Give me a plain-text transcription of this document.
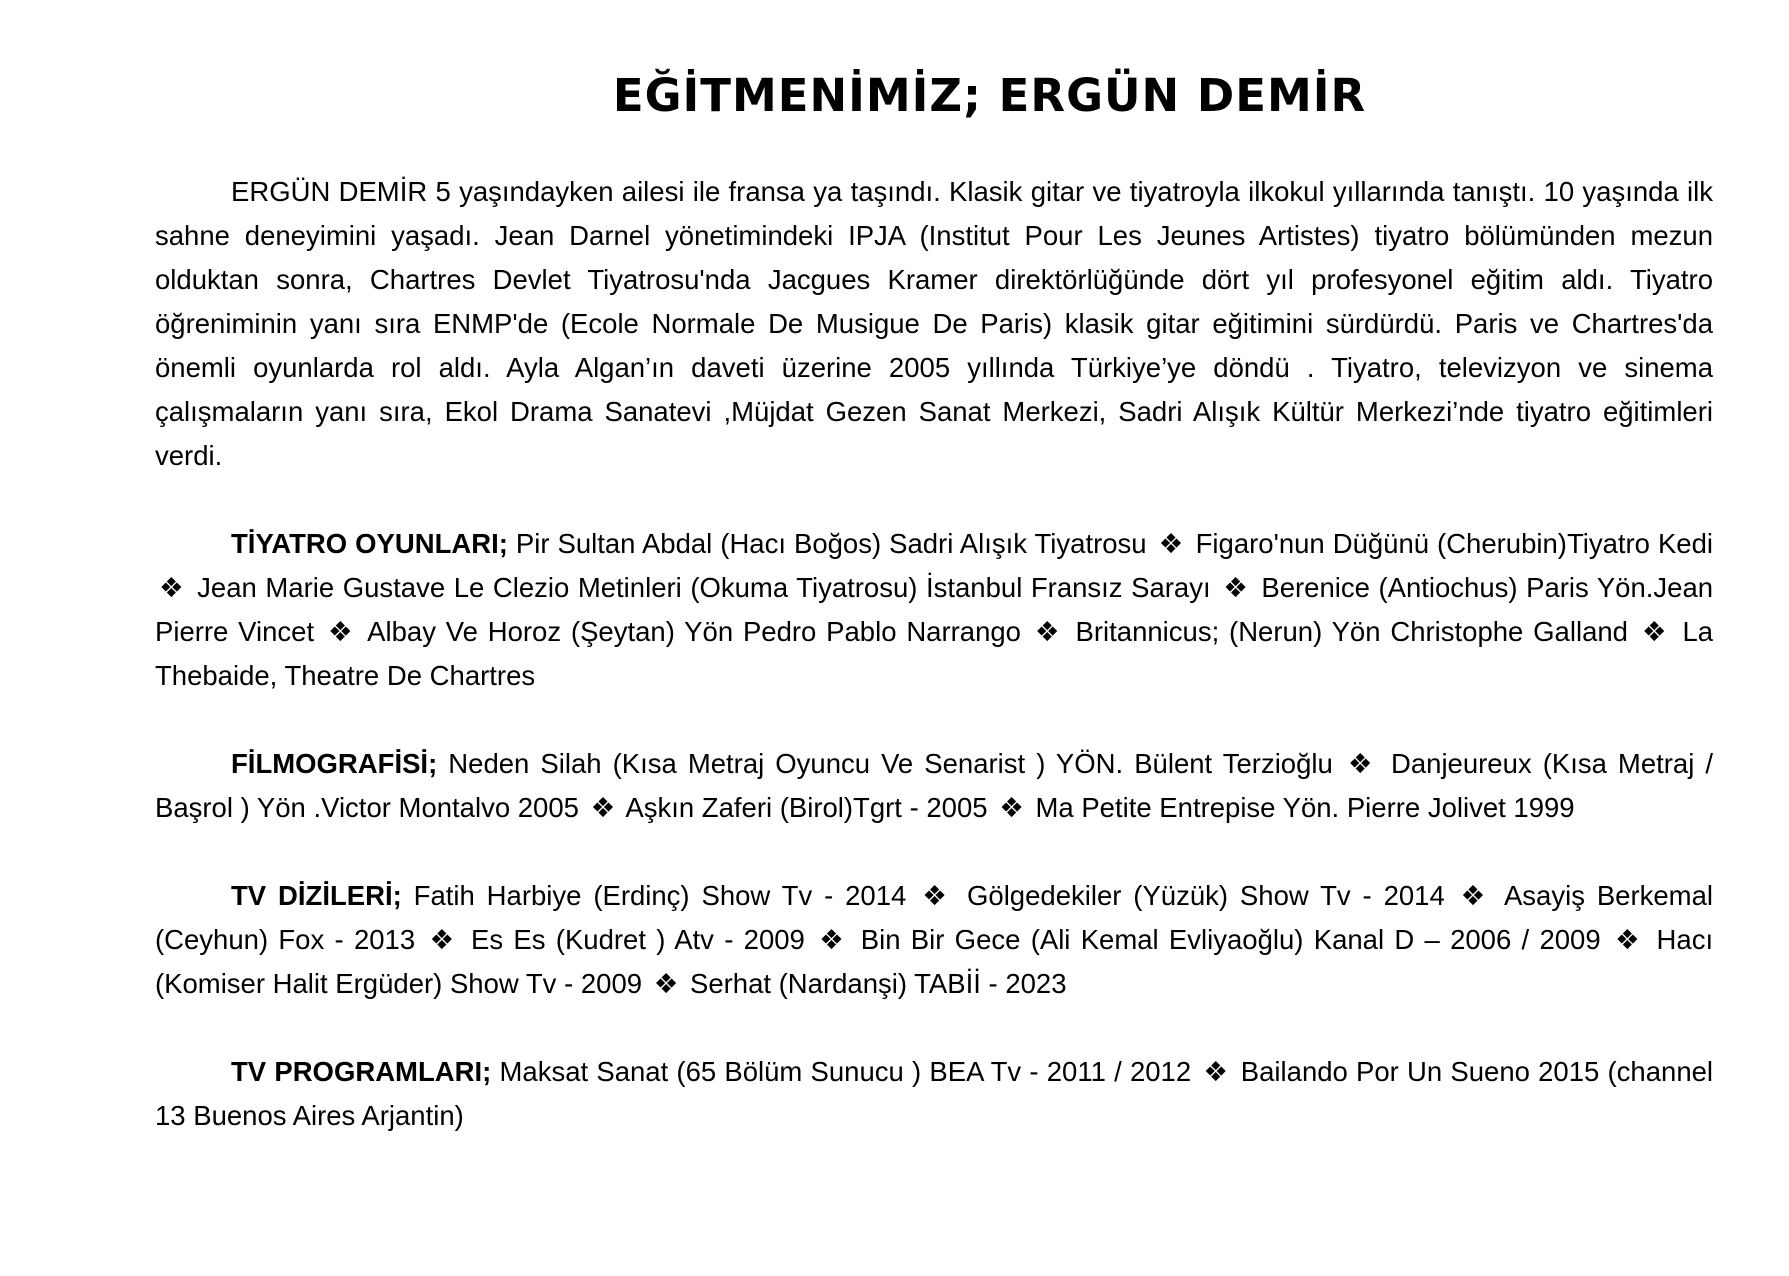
EĞİTMENİMİZ; ERGÜN DEMİR

ERGÜN DEMİR 5 yaşındayken ailesi ile fransa ya taşındı. Klasik gitar ve tiyatroyla ilkokul yıllarında tanıştı. 10 yaşında ilk sahne deneyimini yaşadı. Jean Darnel yönetimindeki IPJA (Institut Pour Les Jeunes Artistes) tiyatro bölümünden mezun olduktan sonra, Chartres Devlet Tiyatrosu'nda Jacgues Kramer direktörlüğünde dört yıl profesyonel eğitim aldı. Tiyatro öğreniminin yanı sıra ENMP'de (Ecole Normale De Musigue De Paris) klasik gitar eğitimini sürdürdü. Paris ve Chartres'da önemli oyunlarda rol aldı. Ayla Algan’ın daveti üzerine 2005 yıllında Türkiye’ye döndü . Tiyatro, televizyon ve sinema çalışmaların yanı sıra, Ekol Drama Sanatevi ,Müjdat Gezen Sanat Merkezi, Sadri Alışık Kültür Merkezi’nde tiyatro eğitimleri verdi.

TİYATRO OYUNLARI; Pir Sultan Abdal (Hacı Boğos) Sadri Alışık Tiyatrosu ❖ Figaro'nun Düğünü (Cherubin)Tiyatro Kedi ❖ Jean Marie Gustave Le Clezio Metinleri (Okuma Tiyatrosu) İstanbul Fransız Sarayı ❖ Berenice (Antiochus) Paris Yön.Jean Pierre Vincet ❖ Albay Ve Horoz (Şeytan) Yön Pedro Pablo Narrango ❖ Britannicus; (Nerun) Yön Christophe Galland ❖ La Thebaide, Theatre De Chartres

FİLMOGRAFİSİ; Neden Silah (Kısa Metraj Oyuncu Ve Senarist ) YÖN. Bülent Terzioğlu ❖ Danjeureux (Kısa Metraj / Başrol ) Yön .Victor Montalvo 2005 ❖ Aşkın Zaferi (Birol)Tgrt - 2005 ❖ Ma Petite Entrepise Yön. Pierre Jolivet 1999

TV DİZİLERİ; Fatih Harbiye (Erdinç) Show Tv - 2014 ❖ Gölgedekiler (Yüzük) Show Tv - 2014 ❖ Asayiş Berkemal (Ceyhun) Fox - 2013 ❖ Es Es (Kudret ) Atv - 2009 ❖ Bin Bir Gece (Ali Kemal Evliyaoğlu) Kanal D – 2006 / 2009 ❖ Hacı (Komiser Halit Ergüder) Show Tv - 2009 ❖ Serhat (Nardanşi) TABİİ - 2023

TV PROGRAMLARI; Maksat Sanat (65 Bölüm Sunucu ) BEA Tv - 2011 / 2012 ❖ Bailando Por Un Sueno 2015 (channel 13 Buenos Aires Arjantin)
